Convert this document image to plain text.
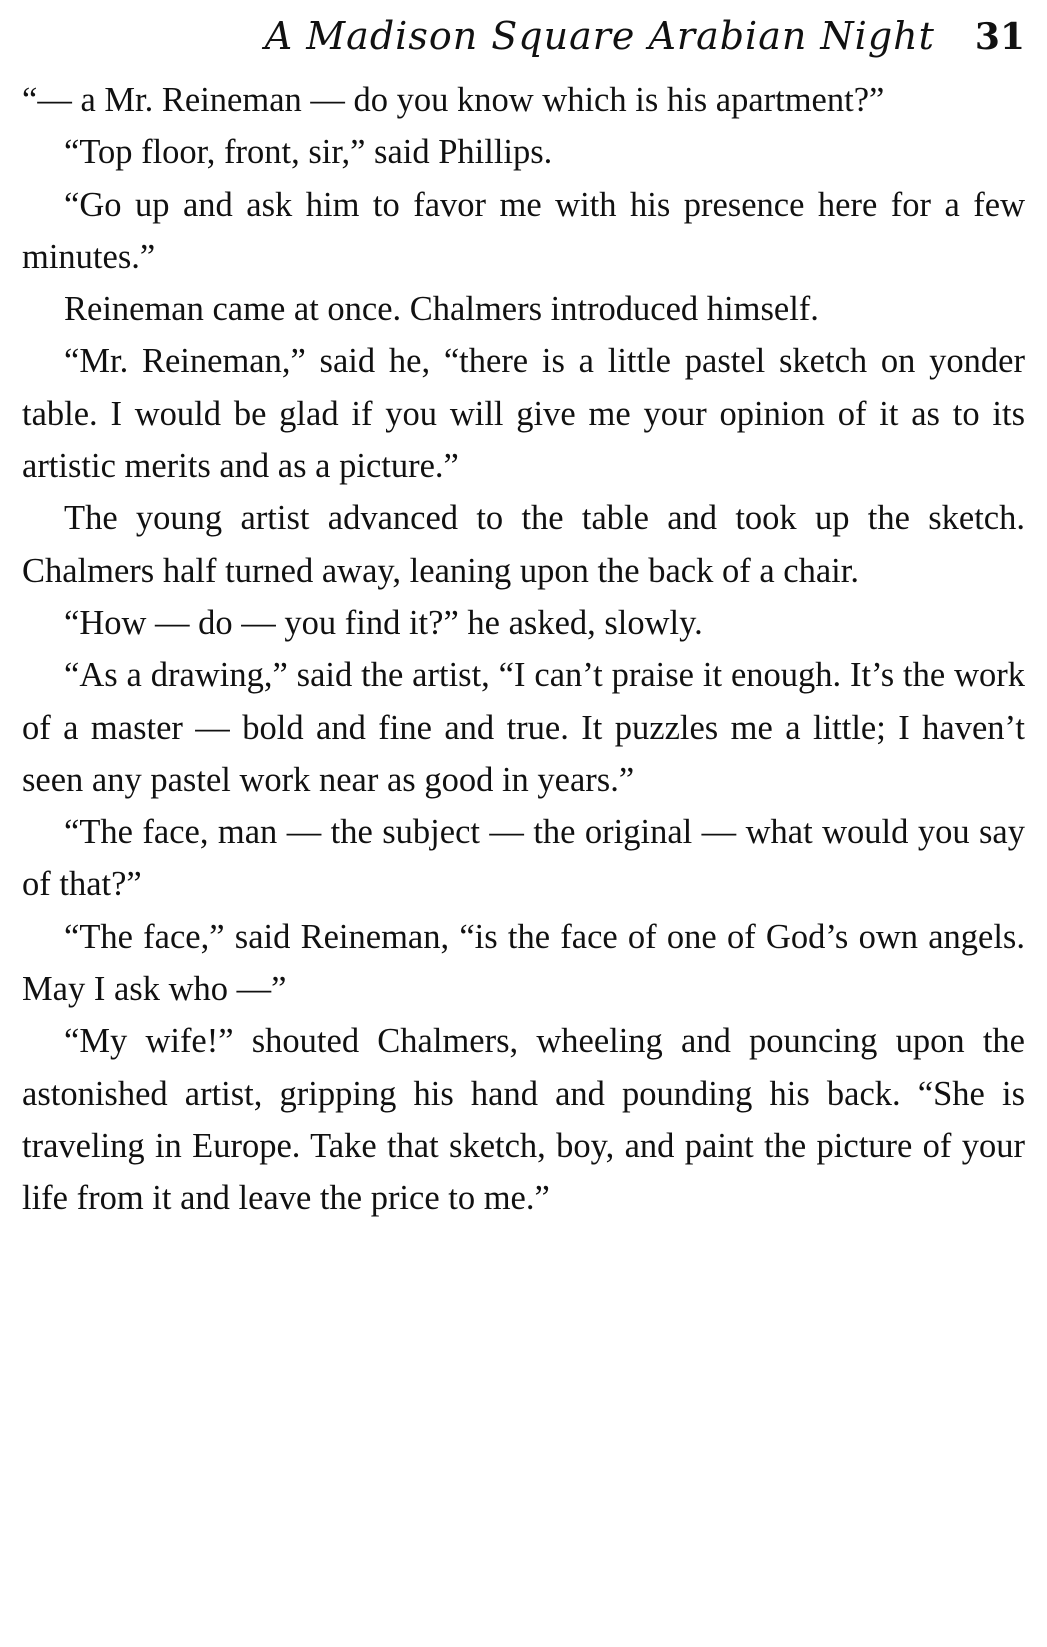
A Madison Square Arabian Night 31

“— a Mr. Reineman — do you know which is his apartment?”

“Top floor, front, sir,” said Phillips.

“Go up and ask him to favor me with his presence here for a few minutes.”

Reineman came at once. Chalmers introduced himself.

“Mr. Reineman,” said he, “there is a little pastel sketch on yonder table. I would be glad if you will give me your opinion of it as to its artistic merits and as a picture.”

The young artist advanced to the table and took up the sketch. Chalmers half turned away, leaning upon the back of a chair.

“How — do — you find it?” he asked, slowly.

“As a drawing,” said the artist, “I can’t praise it enough. It’s the work of a master — bold and fine and true. It puzzles me a little; I haven’t seen any pastel work near as good in years.”

“The face, man — the subject — the original — what would you say of that?”

“The face,” said Reineman, “is the face of one of God’s own angels. May I ask who —”

“My wife!” shouted Chalmers, wheeling and pouncing upon the astonished artist, gripping his hand and pounding his back. “She is traveling in Europe. Take that sketch, boy, and paint the picture of your life from it and leave the price to me.”
